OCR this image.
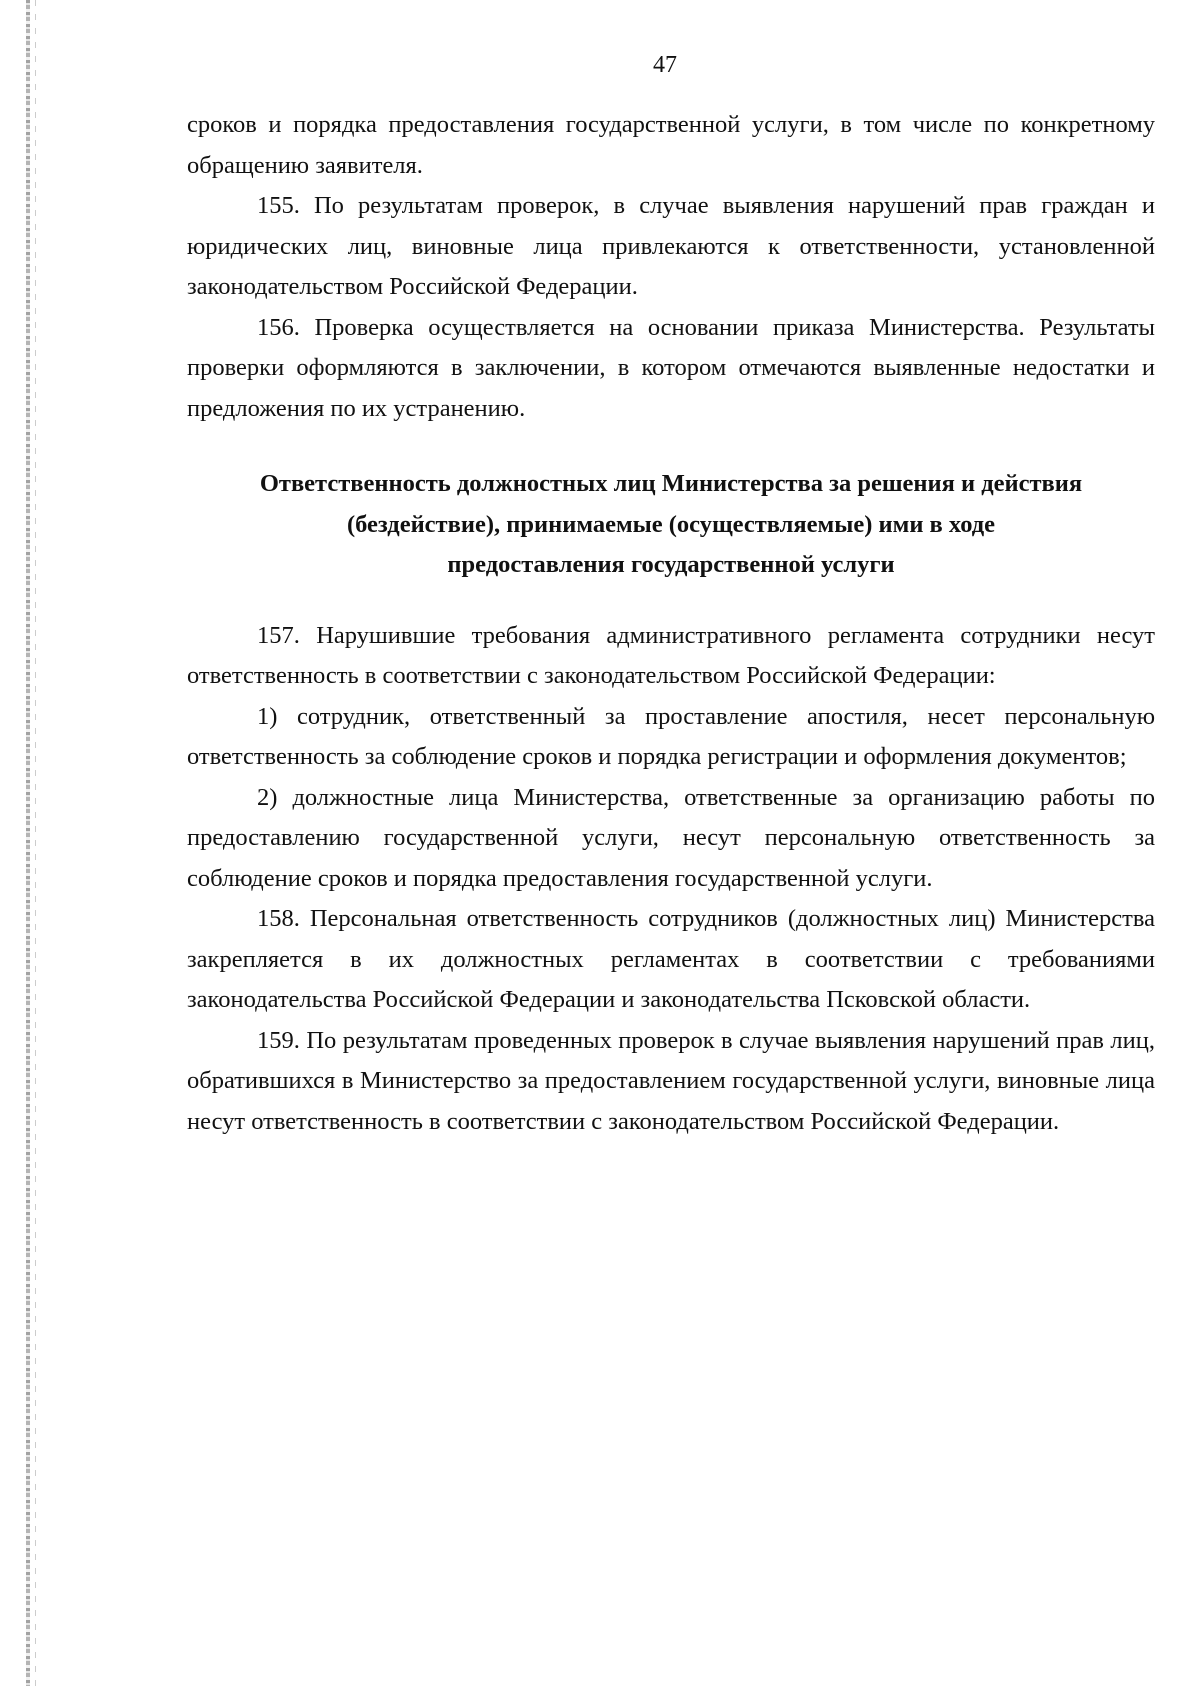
47

сроков и порядка предоставления государственной услуги, в том числе по конкретному обращению заявителя.

155. По результатам проверок, в случае выявления нарушений прав граждан и юридических лиц, виновные лица привлекаются к ответственности, установленной законодательством Российской Федерации.

156. Проверка осуществляется на основании приказа Министерства. Результаты проверки оформляются в заключении, в котором отмечаются выявленные недостатки и предложения по их устранению.

Ответственность должностных лиц Министерства за решения и действия
(бездействие), принимаемые (осуществляемые) ими в ходе
предоставления государственной услуги

157. Нарушившие требования административного регламента сотрудники несут ответственность в соответствии с законодательством Российской Федерации:

1) сотрудник, ответственный за проставление апостиля, несет персональную ответственность за соблюдение сроков и порядка регистрации и оформления документов;

2) должностные лица Министерства, ответственные за организацию работы по предоставлению государственной услуги, несут персональную ответственность за соблюдение сроков и порядка предоставления государственной услуги.

158. Персональная ответственность сотрудников (должностных лиц) Министерства закрепляется в их должностных регламентах в соответствии с требованиями законодательства Российской Федерации и законодательства Псковской области.

159. По результатам проведенных проверок в случае выявления нарушений прав лиц, обратившихся в Министерство за предоставлением государственной услуги, виновные лица несут ответственность в соответствии с законодательством Российской Федерации.
